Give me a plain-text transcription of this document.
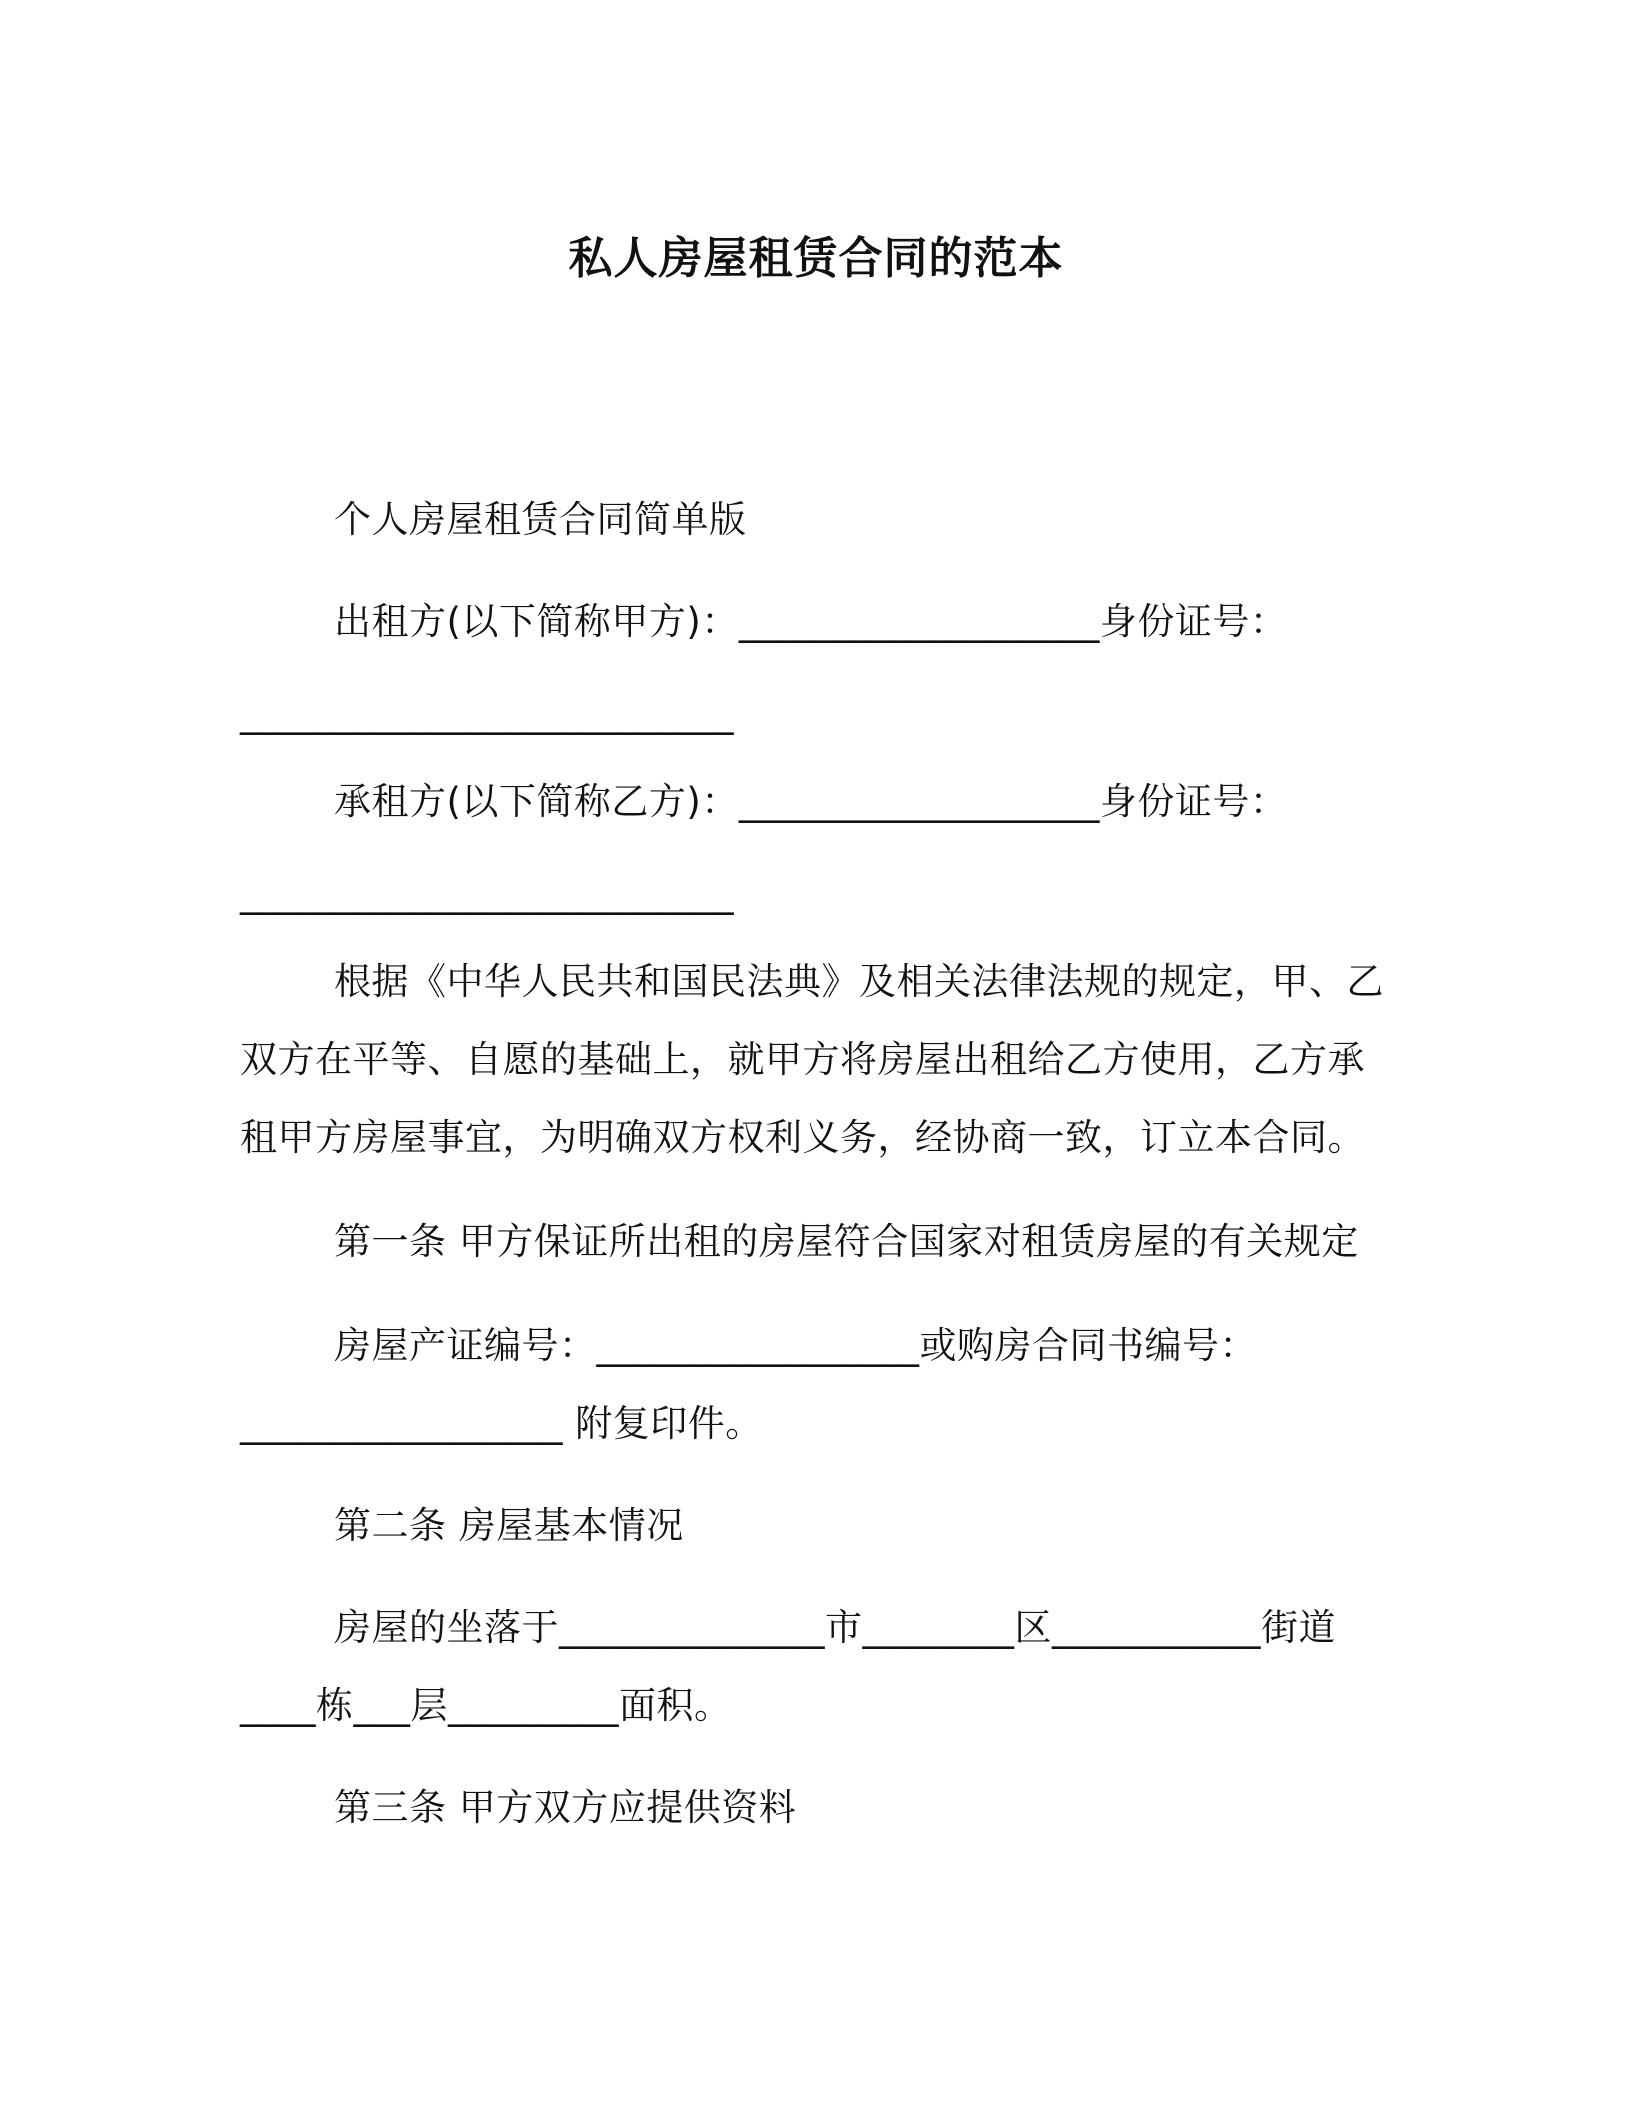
私人房屋租赁合同的范本
个人房屋租赁合同简单版
出租方(以下简称甲方)：___________________身份证号：
__________________________
承租方(以下简称乙方)：___________________身份证号：
__________________________
根据《中华人民共和国民法典》及相关法律法规的规定，甲、乙
双方在平等、自愿的基础上，就甲方将房屋出租给乙方使用，乙方承
租甲方房屋事宜，为明确双方权利义务，经协商一致，订立本合同。
第一条 甲方保证所出租的房屋符合国家对租赁房屋的有关规定
房屋产证编号：_________________或购房合同书编号：
_________________ 附复印件。
第二条 房屋基本情况
房屋的坐落于______________市________区___________街道
____栋___层_________面积。
第三条 甲方双方应提供资料
